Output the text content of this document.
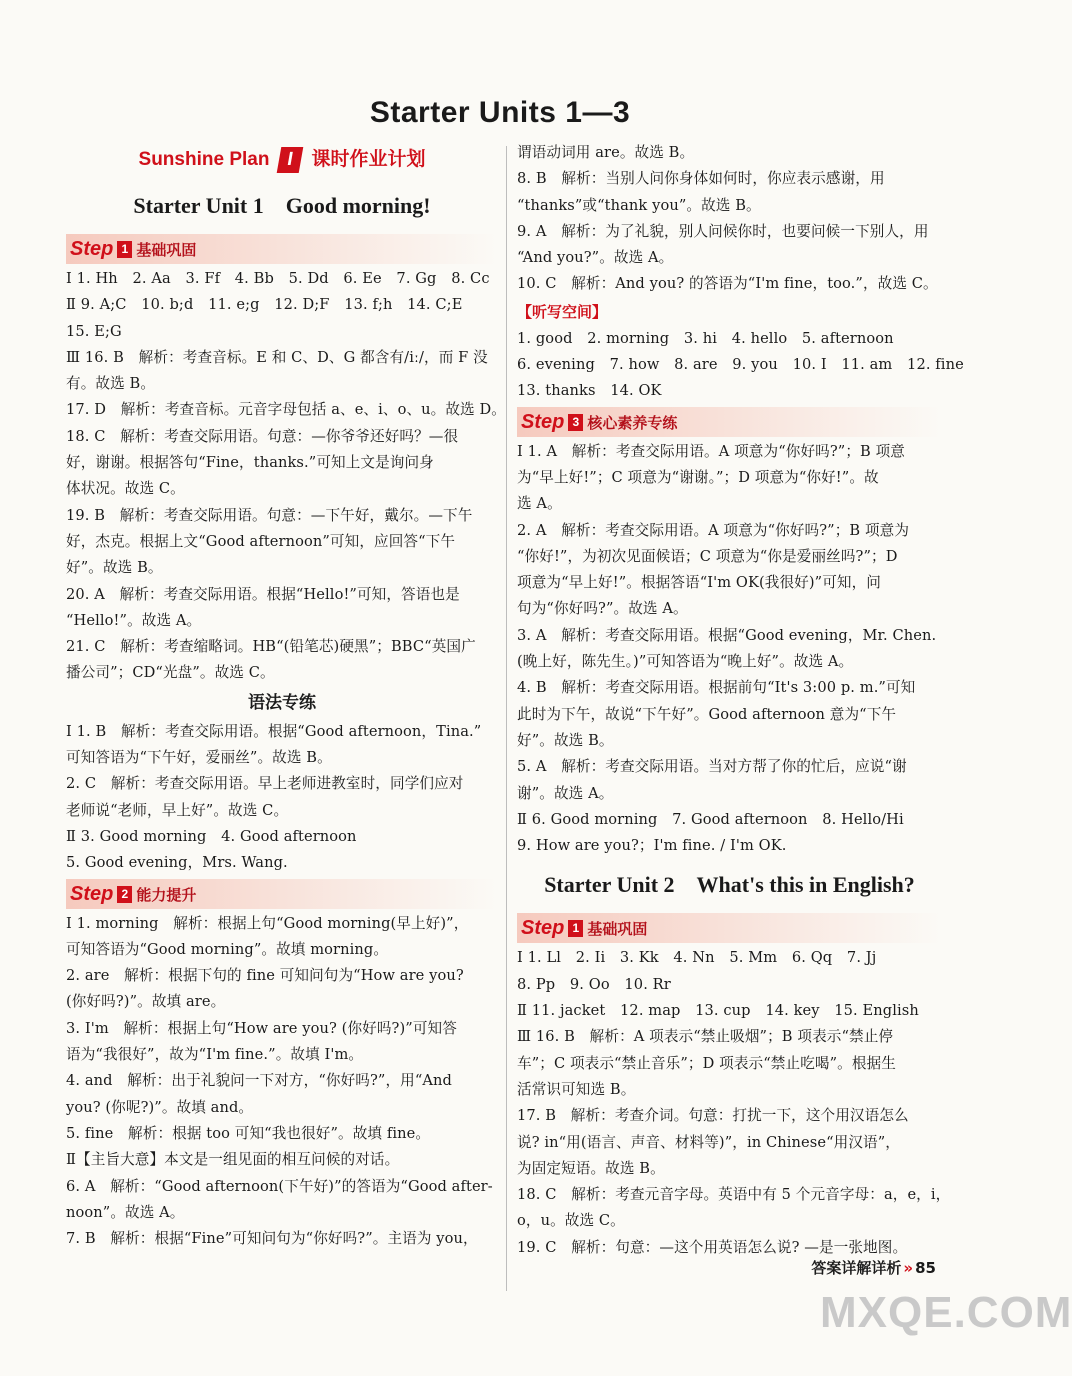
Starter Units 1—3
Sunshine Plan I 课时作业计划
Starter Unit 1　Good morning!
Step 1 基础巩固
Ⅰ 1. Hh　2. Aa　3. Ff　4. Bb　5. Dd　6. Ee　7. Gg　8. Cc
Ⅱ 9. A;C　10. b;d　11. e;g　12. D;F　13. f;h　14. C;E
15. E;G
Ⅲ 16. B　解析：考查音标。E 和 C、D、G 都含有/iː/，而 F 没
有。故选 B。
17. D　解析：考查音标。元音字母包括 a、e、i、o、u。故选 D。
18. C　解析：考查交际用语。句意：—你爷爷还好吗？—很
好，谢谢。根据答句“Fine，thanks.”可知上文是询问身
体状况。故选 C。
19. B　解析：考查交际用语。句意：—下午好，戴尔。—下午
好，杰克。根据上文“Good afternoon”可知，应回答“下午
好”。故选 B。
20. A　解析：考查交际用语。根据“Hello!”可知，答语也是
“Hello!”。故选 A。
21. C　解析：考查缩略词。HB“(铅笔芯)硬黑”；BBC“英国广
播公司”；CD“光盘”。故选 C。
语法专练
Ⅰ 1. B　解析：考查交际用语。根据“Good afternoon，Tina.”
可知答语为“下午好，爱丽丝”。故选 B。
2. C　解析：考查交际用语。早上老师进教室时，同学们应对
老师说“老师，早上好”。故选 C。
Ⅱ 3. Good morning　4. Good afternoon
5. Good evening，Mrs. Wang.
Step 2 能力提升
Ⅰ 1. morning　解析：根据上句“Good morning(早上好)”，
可知答语为“Good morning”。故填 morning。
2. are　解析：根据下句的 fine 可知问句为“How are you?
(你好吗?)”。故填 are。
3. I'm　解析：根据上句“How are you? (你好吗?)”可知答
语为“我很好”，故为“I'm fine.”。故填 I'm。
4. and　解析：出于礼貌问一下对方，“你好吗?”，用“And
you? (你呢?)”。故填 and。
5. fine　解析：根据 too 可知“我也很好”。故填 fine。
Ⅱ【主旨大意】本文是一组见面的相互问候的对话。
6. A　解析：“Good afternoon(下午好)”的答语为“Good after-
noon”。故选 A。
7. B　解析：根据“Fine”可知问句为“你好吗?”。主语为 you，
谓语动词用 are。故选 B。
8. B　解析：当别人问你身体如何时，你应表示感谢，用
“thanks”或“thank you”。故选 B。
9. A　解析：为了礼貌，别人问候你时，也要问候一下别人，用
“And you?”。故选 A。
10. C　解析：And you? 的答语为“I'm fine，too.”，故选 C。
【听写空间】
1. good　2. morning　3. hi　4. hello　5. afternoon
6. evening　7. how　8. are　9. you　10. I　11. am　12. fine
13. thanks　14. OK
Step 3 核心素养专练
Ⅰ 1. A　解析：考查交际用语。A 项意为“你好吗?”；B 项意
为“早上好!”；C 项意为“谢谢。”；D 项意为“你好!”。故
选 A。
2. A　解析：考查交际用语。A 项意为“你好吗?”；B 项意为
“你好!”，为初次见面候语；C 项意为“你是爱丽丝吗?”；D
项意为“早上好!”。根据答语“I'm OK(我很好)”可知，问
句为“你好吗?”。故选 A。
3. A　解析：考查交际用语。根据“Good evening，Mr. Chen.
(晚上好，陈先生。)”可知答语为“晚上好”。故选 A。
4. B　解析：考查交际用语。根据前句“It's 3:00 p. m.”可知
此时为下午，故说“下午好”。Good afternoon 意为“下午
好”。故选 B。
5. A　解析：考查交际用语。当对方帮了你的忙后，应说“谢
谢”。故选 A。
Ⅱ 6. Good morning　7. Good afternoon　8. Hello/Hi
9. How are you?；I'm fine. / I'm OK.
Starter Unit 2　What's this in English?
Step 1 基础巩固
Ⅰ 1. Ll　2. Ii　3. Kk　4. Nn　5. Mm　6. Qq　7. Jj
8. Pp　9. Oo　10. Rr
Ⅱ 11. jacket　12. map　13. cup　14. key　15. English
Ⅲ 16. B　解析：A 项表示“禁止吸烟”；B 项表示“禁止停
车”；C 项表示“禁止音乐”；D 项表示“禁止吃喝”。根据生
活常识可知选 B。
17. B　解析：考查介词。句意：打扰一下，这个用汉语怎么
说? in“用(语言、声音、材料等)”，in Chinese“用汉语”，
为固定短语。故选 B。
18. C　解析：考查元音字母。英语中有 5 个元音字母：a，e，i，
o，u。故选 C。
19. C　解析：句意：—这个用英语怎么说? —是一张地图。
答案详解详析 » 85
MXQE.COM
